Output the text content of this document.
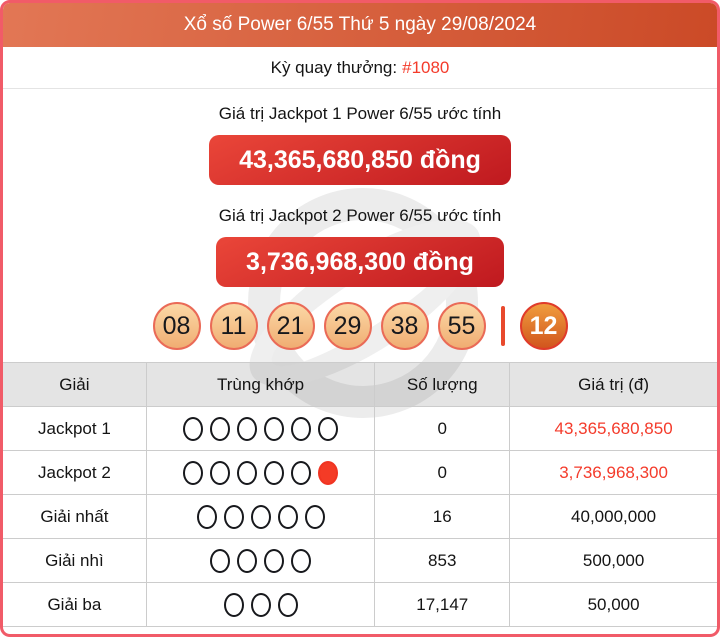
Xổ số Power 6/55 Thứ 5 ngày 29/08/2024
Kỳ quay thưởng: #1080
Giá trị Jackpot 1 Power 6/55 ước tính
43,365,680,850 đồng
Giá trị Jackpot 2 Power 6/55 ước tính
3,736,968,300 đồng
08	11	21	29	38	55	12
Giải	Trùng khớp	Số lượng	Giá trị (đ)
Jackpot 1	0	43,365,680,850
Jackpot 2	0	3,736,968,300
Giải nhất	16	40,000,000
Giải nhì	853	500,000
Giải ba	17,147	50,000
